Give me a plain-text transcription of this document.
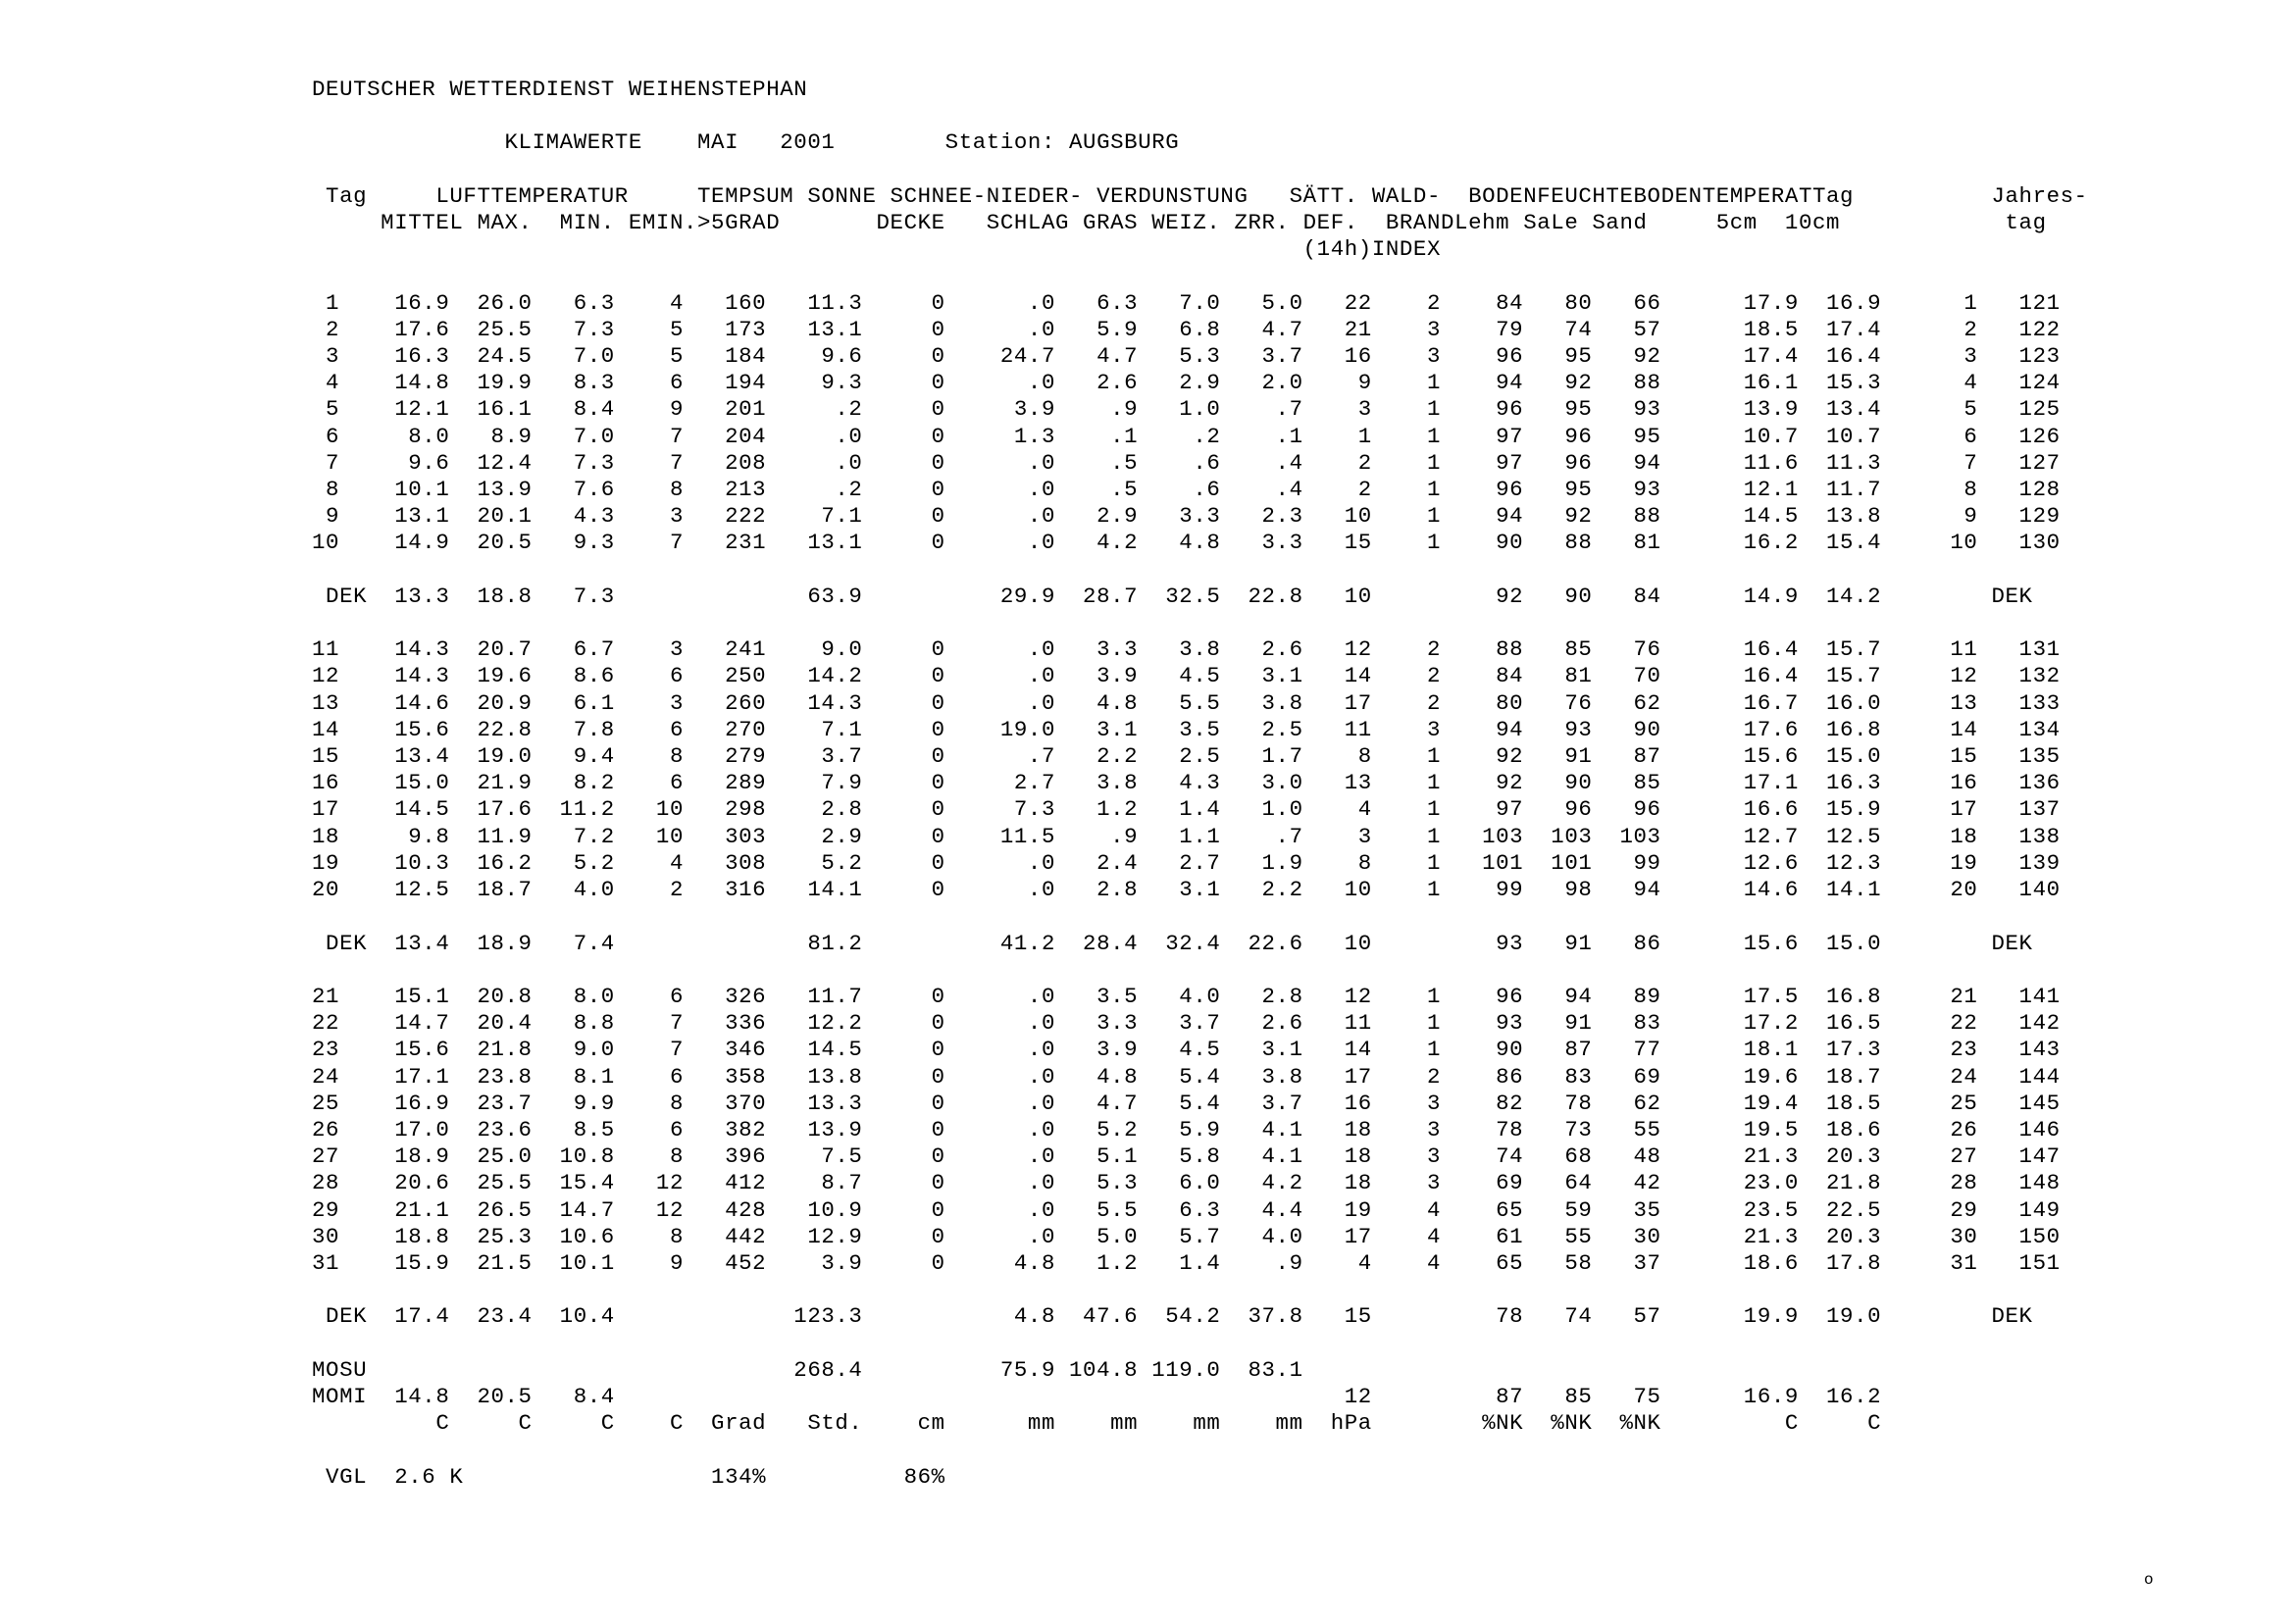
DEUTSCHER WETTERDIENST WEIHENSTEPHAN

KLIMAWERTE    MAI   2001        Station: AUGSBURG

Tag     LUFTTEMPERATUR     TEMPSUM SONNE SCHNEE-NIEDER- VERDUNSTUNG   SÄTT. WALD-  BODENFEUCHTEBODENTEMPERATTag          Jahres-
MITTEL MAX.  MIN. EMIN.>5GRAD       DECKE   SCHLAG GRAS WEIZ. ZRR. DEF.  BRANDLehm SaLe Sand     5cm  10cm            tag
(14h)INDEX

1    16.9  26.0   6.3    4   160   11.3     0      .0   6.3   7.0   5.0   22    2    84   80   66      17.9  16.9      1   121
2    17.6  25.5   7.3    5   173   13.1     0      .0   5.9   6.8   4.7   21    3    79   74   57      18.5  17.4      2   122
3    16.3  24.5   7.0    5   184    9.6     0    24.7   4.7   5.3   3.7   16    3    96   95   92      17.4  16.4      3   123
4    14.8  19.9   8.3    6   194    9.3     0      .0   2.6   2.9   2.0    9    1    94   92   88      16.1  15.3      4   124
5    12.1  16.1   8.4    9   201     .2     0     3.9    .9   1.0    .7    3    1    96   95   93      13.9  13.4      5   125
6     8.0   8.9   7.0    7   204     .0     0     1.3    .1    .2    .1    1    1    97   96   95      10.7  10.7      6   126
7     9.6  12.4   7.3    7   208     .0     0      .0    .5    .6    .4    2    1    97   96   94      11.6  11.3      7   127
8    10.1  13.9   7.6    8   213     .2     0      .0    .5    .6    .4    2    1    96   95   93      12.1  11.7      8   128
9    13.1  20.1   4.3    3   222    7.1     0      .0   2.9   3.3   2.3   10    1    94   92   88      14.5  13.8      9   129
10    14.9  20.5   9.3    7   231   13.1     0      .0   4.2   4.8   3.3   15    1    90   88   81      16.2  15.4     10   130

DEK  13.3  18.8   7.3              63.9          29.9  28.7  32.5  22.8   10         92   90   84      14.9  14.2        DEK

11    14.3  20.7   6.7    3   241    9.0     0      .0   3.3   3.8   2.6   12    2    88   85   76      16.4  15.7     11   131
12    14.3  19.6   8.6    6   250   14.2     0      .0   3.9   4.5   3.1   14    2    84   81   70      16.4  15.7     12   132
13    14.6  20.9   6.1    3   260   14.3     0      .0   4.8   5.5   3.8   17    2    80   76   62      16.7  16.0     13   133
14    15.6  22.8   7.8    6   270    7.1     0    19.0   3.1   3.5   2.5   11    3    94   93   90      17.6  16.8     14   134
15    13.4  19.0   9.4    8   279    3.7     0      .7   2.2   2.5   1.7    8    1    92   91   87      15.6  15.0     15   135
16    15.0  21.9   8.2    6   289    7.9     0     2.7   3.8   4.3   3.0   13    1    92   90   85      17.1  16.3     16   136
17    14.5  17.6  11.2   10   298    2.8     0     7.3   1.2   1.4   1.0    4    1    97   96   96      16.6  15.9     17   137
18     9.8  11.9   7.2   10   303    2.9     0    11.5    .9   1.1    .7    3    1   103  103  103      12.7  12.5     18   138
19    10.3  16.2   5.2    4   308    5.2     0      .0   2.4   2.7   1.9    8    1   101  101   99      12.6  12.3     19   139
20    12.5  18.7   4.0    2   316   14.1     0      .0   2.8   3.1   2.2   10    1    99   98   94      14.6  14.1     20   140

DEK  13.4  18.9   7.4              81.2          41.2  28.4  32.4  22.6   10         93   91   86      15.6  15.0        DEK

21    15.1  20.8   8.0    6   326   11.7     0      .0   3.5   4.0   2.8   12    1    96   94   89      17.5  16.8     21   141
22    14.7  20.4   8.8    7   336   12.2     0      .0   3.3   3.7   2.6   11    1    93   91   83      17.2  16.5     22   142
23    15.6  21.8   9.0    7   346   14.5     0      .0   3.9   4.5   3.1   14    1    90   87   77      18.1  17.3     23   143
24    17.1  23.8   8.1    6   358   13.8     0      .0   4.8   5.4   3.8   17    2    86   83   69      19.6  18.7     24   144
25    16.9  23.7   9.9    8   370   13.3     0      .0   4.7   5.4   3.7   16    3    82   78   62      19.4  18.5     25   145
26    17.0  23.6   8.5    6   382   13.9     0      .0   5.2   5.9   4.1   18    3    78   73   55      19.5  18.6     26   146
27    18.9  25.0  10.8    8   396    7.5     0      .0   5.1   5.8   4.1   18    3    74   68   48      21.3  20.3     27   147
28    20.6  25.5  15.4   12   412    8.7     0      .0   5.3   6.0   4.2   18    3    69   64   42      23.0  21.8     28   148
29    21.1  26.5  14.7   12   428   10.9     0      .0   5.5   6.3   4.4   19    4    65   59   35      23.5  22.5     29   149
30    18.8  25.3  10.6    8   442   12.9     0      .0   5.0   5.7   4.0   17    4    61   55   30      21.3  20.3     30   150
31    15.9  21.5  10.1    9   452    3.9     0     4.8   1.2   1.4    .9    4    4    65   58   37      18.6  17.8     31   151

DEK  17.4  23.4  10.4             123.3           4.8  47.6  54.2  37.8   15         78   74   57      19.9  19.0        DEK

MOSU                               268.4          75.9 104.8 119.0  83.1
MOMI  14.8  20.5   8.4                                                     12         87   85   75      16.9  16.2
C     C     C    C  Grad   Std.    cm      mm    mm    mm    mm  hPa        %NK  %NK  %NK         C     C

VGL  2.6 K                  134%          86%

o
